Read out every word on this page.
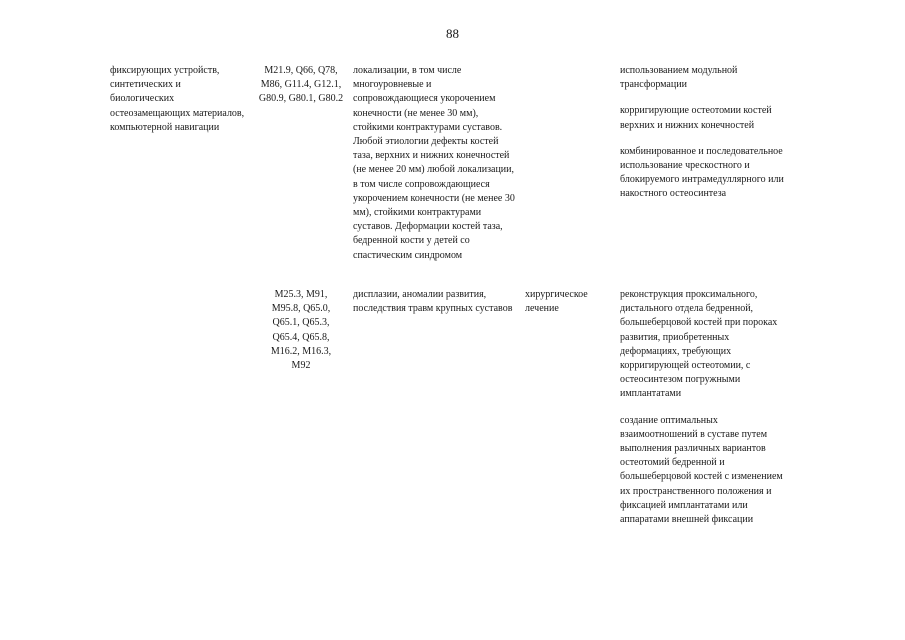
88
фиксирующих устройств, синтетических и биологических остеозамещающих материалов, компьютерной навигации
M21.9, Q66, Q78, M86, G11.4, G12.1, G80.9, G80.1, G80.2
локализации, в том числе многоуровневые и сопровождающиеся укорочением конечности (не менее 30 мм), стойкими контрактурами суставов. Любой этиологии дефекты костей таза, верхних и нижних конечностей (не менее 20 мм) любой локализации, в том числе сопровождающиеся укорочением конечности (не менее 30 мм), стойкими контрактурами суставов. Деформации костей таза, бедренной кости у детей со спастическим синдромом

использованием модульной трансформации

корригирующие остеотомии костей верхних и нижних конечностей

комбинированное и последовательное использование чрескостного и блокируемого интрамедуллярного или накостного остеосинтеза

M25.3, M91, M95.8, Q65.0, Q65.1, Q65.3, Q65.4, Q65.8, M16.2, M16.3, M92
дисплазии, аномалии развития, последствия травм крупных суставов
хирургическое лечение

реконструкция проксимального, дистального отдела бедренной, большеберцовой костей при пороках развития, приобретенных деформациях, требующих корригирующей остеотомии, с остеосинтезом погружными имплантатами

создание оптимальных взаимоотношений в суставе путем выполнения различных вариантов остеотомий бедренной и большеберцовой костей с изменением их пространственного положения и фиксацией имплантатами или аппаратами внешней фиксации
